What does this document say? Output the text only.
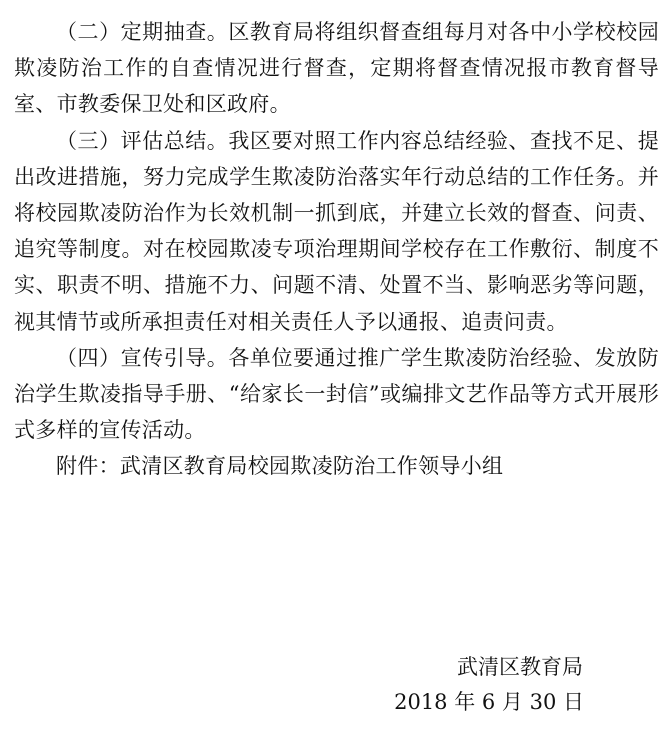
（二）定期抽查。区教育局将组织督查组每月对各中小学校校园欺凌防治工作的自查情况进行督查，定期将督查情况报市教育督导室、市教委保卫处和区政府。

（三）评估总结。我区要对照工作内容总结经验、查找不足、提出改进措施，努力完成学生欺凌防治落实年行动总结的工作任务。并将校园欺凌防治作为长效机制一抓到底，并建立长效的督查、问责、追究等制度。对在校园欺凌专项治理期间学校存在工作敷衍、制度不实、职责不明、措施不力、问题不清、处置不当、影响恶劣等问题，视其情节或所承担责任对相关责任人予以通报、追责问责。

（四）宣传引导。各单位要通过推广学生欺凌防治经验、发放防治学生欺凌指导手册、“给家长一封信”或编排文艺作品等方式开展形式多样的宣传活动。

附件：武清区教育局校园欺凌防治工作领导小组

武清区教育局
2018 年 6 月 30 日
